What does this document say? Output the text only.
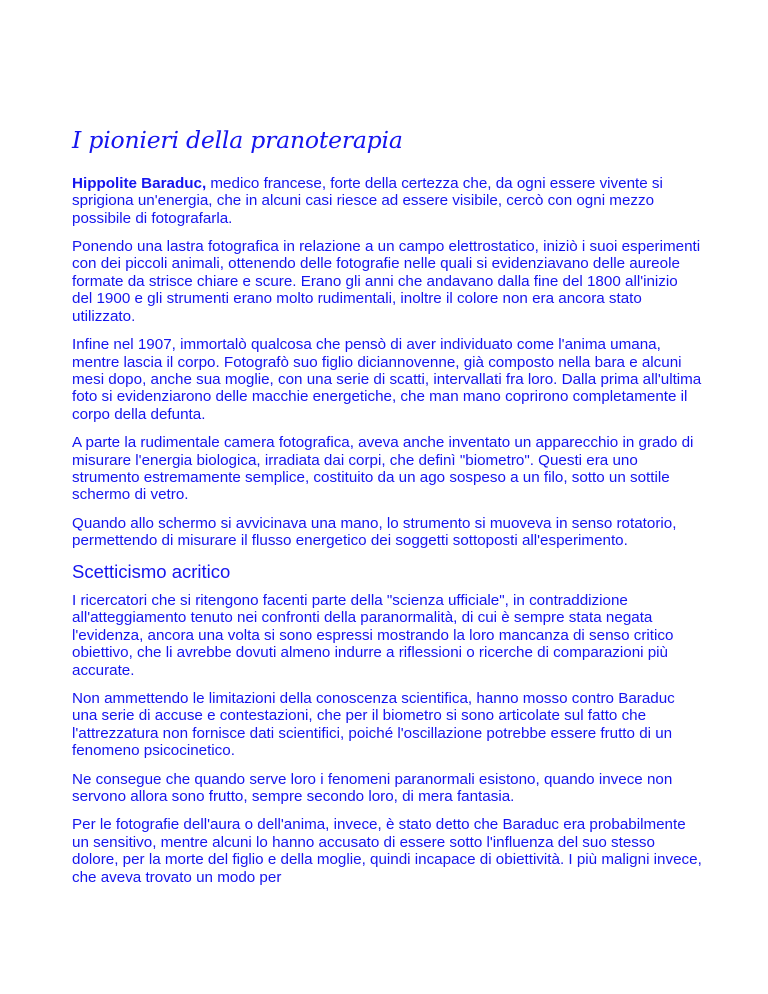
I pionieri della pranoterapia

Hippolite Baraduc, medico francese, forte della certezza che, da ogni essere vivente si sprigiona un'energia, che in alcuni casi riesce ad essere visibile, cercò con ogni mezzo possibile di fotografarla.

Ponendo una lastra fotografica in relazione a un campo elettrostatico, iniziò i suoi esperimenti con dei piccoli animali, ottenendo delle fotografie nelle quali si evidenziavano delle aureole formate da strisce chiare e scure. Erano gli anni che andavano dalla fine del 1800 all'inizio del 1900 e gli strumenti erano molto rudimentali, inoltre il colore non era ancora stato utilizzato.

Infine nel 1907, immortalò qualcosa che pensò di aver individuato come l'anima umana, mentre lascia il corpo. Fotografò suo figlio diciannovenne, già composto nella bara e alcuni mesi dopo, anche sua moglie, con una serie di scatti, intervallati fra loro. Dalla prima all'ultima foto si evidenziarono delle macchie energetiche, che man mano coprirono completamente il corpo della defunta.

A parte la rudimentale camera fotografica, aveva anche inventato un apparecchio in grado di misurare l'energia biologica, irradiata dai corpi, che definì "biometro". Questi era uno strumento estremamente semplice, costituito da un ago sospeso a un filo, sotto un sottile schermo di vetro.

Quando allo schermo si avvicinava una mano, lo strumento si muoveva in senso rotatorio, permettendo di misurare il flusso energetico dei soggetti sottoposti all'esperimento.

Scetticismo acritico

I ricercatori che si ritengono facenti parte della "scienza ufficiale", in contraddizione all'atteggiamento tenuto nei confronti della paranormalità, di cui è sempre stata negata l'evidenza, ancora una volta si sono espressi mostrando la loro mancanza di senso critico obiettivo, che li avrebbe dovuti almeno indurre a riflessioni o ricerche di comparazioni più accurate.

Non ammettendo le limitazioni della conoscenza scientifica, hanno mosso contro Baraduc una serie di accuse e contestazioni, che per il biometro si sono articolate sul fatto che l'attrezzatura non fornisce dati scientifici, poiché l'oscillazione potrebbe essere frutto di un fenomeno psicocinetico.

Ne consegue che quando serve loro i fenomeni paranormali esistono, quando invece non servono allora sono frutto, sempre secondo loro, di mera fantasia.

Per le fotografie dell'aura o dell'anima, invece, è stato detto che Baraduc era probabilmente un sensitivo, mentre alcuni lo hanno accusato di essere sotto l'influenza del suo stesso dolore, per la morte del figlio e della moglie, quindi incapace di obiettività. I più maligni invece, che aveva trovato un modo per
